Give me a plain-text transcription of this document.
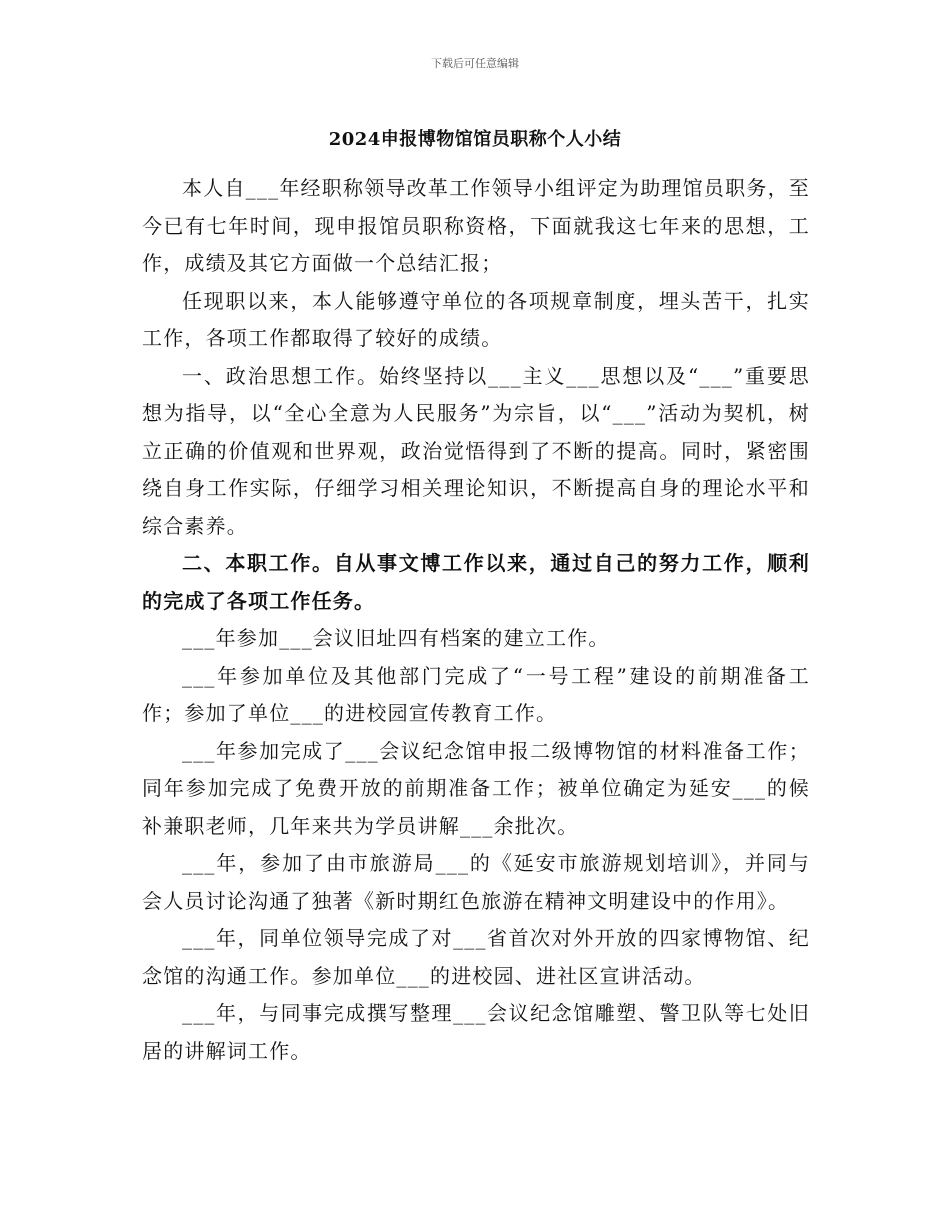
下载后可任意编辑
2024申报博物馆馆员职称个人小结

本人自___年经职称领导改革工作领导小组评定为助理馆员职务，至今已有七年时间，现申报馆员职称资格，下面就我这七年来的思想，工作，成绩及其它方面做一个总结汇报；

任现职以来，本人能够遵守单位的各项规章制度，埋头苦干，扎实工作，各项工作都取得了较好的成绩。

一、政治思想工作。始终坚持以___主义___思想以及“___”重要思想为指导，以“全心全意为人民服务”为宗旨，以“___”活动为契机，树立正确的价值观和世界观，政治觉悟得到了不断的提高。同时，紧密围绕自身工作实际，仔细学习相关理论知识，不断提高自身的理论水平和综合素养。

二、本职工作。自从事文博工作以来，通过自己的努力工作，顺利的完成了各项工作任务。

___年参加___会议旧址四有档案的建立工作。

___年参加单位及其他部门完成了“一号工程”建设的前期准备工作；参加了单位___的进校园宣传教育工作。

___年参加完成了___会议纪念馆申报二级博物馆的材料准备工作；同年参加完成了免费开放的前期准备工作；被单位确定为延安___的候补兼职老师，几年来共为学员讲解___余批次。

___年，参加了由市旅游局___的《延安市旅游规划培训》，并同与会人员讨论沟通了独著《新时期红色旅游在精神文明建设中的作用》。

___年，同单位领导完成了对___省首次对外开放的四家博物馆、纪念馆的沟通工作。参加单位___的进校园、进社区宣讲活动。

___年，与同事完成撰写整理___会议纪念馆雕塑、警卫队等七处旧居的讲解词工作。
